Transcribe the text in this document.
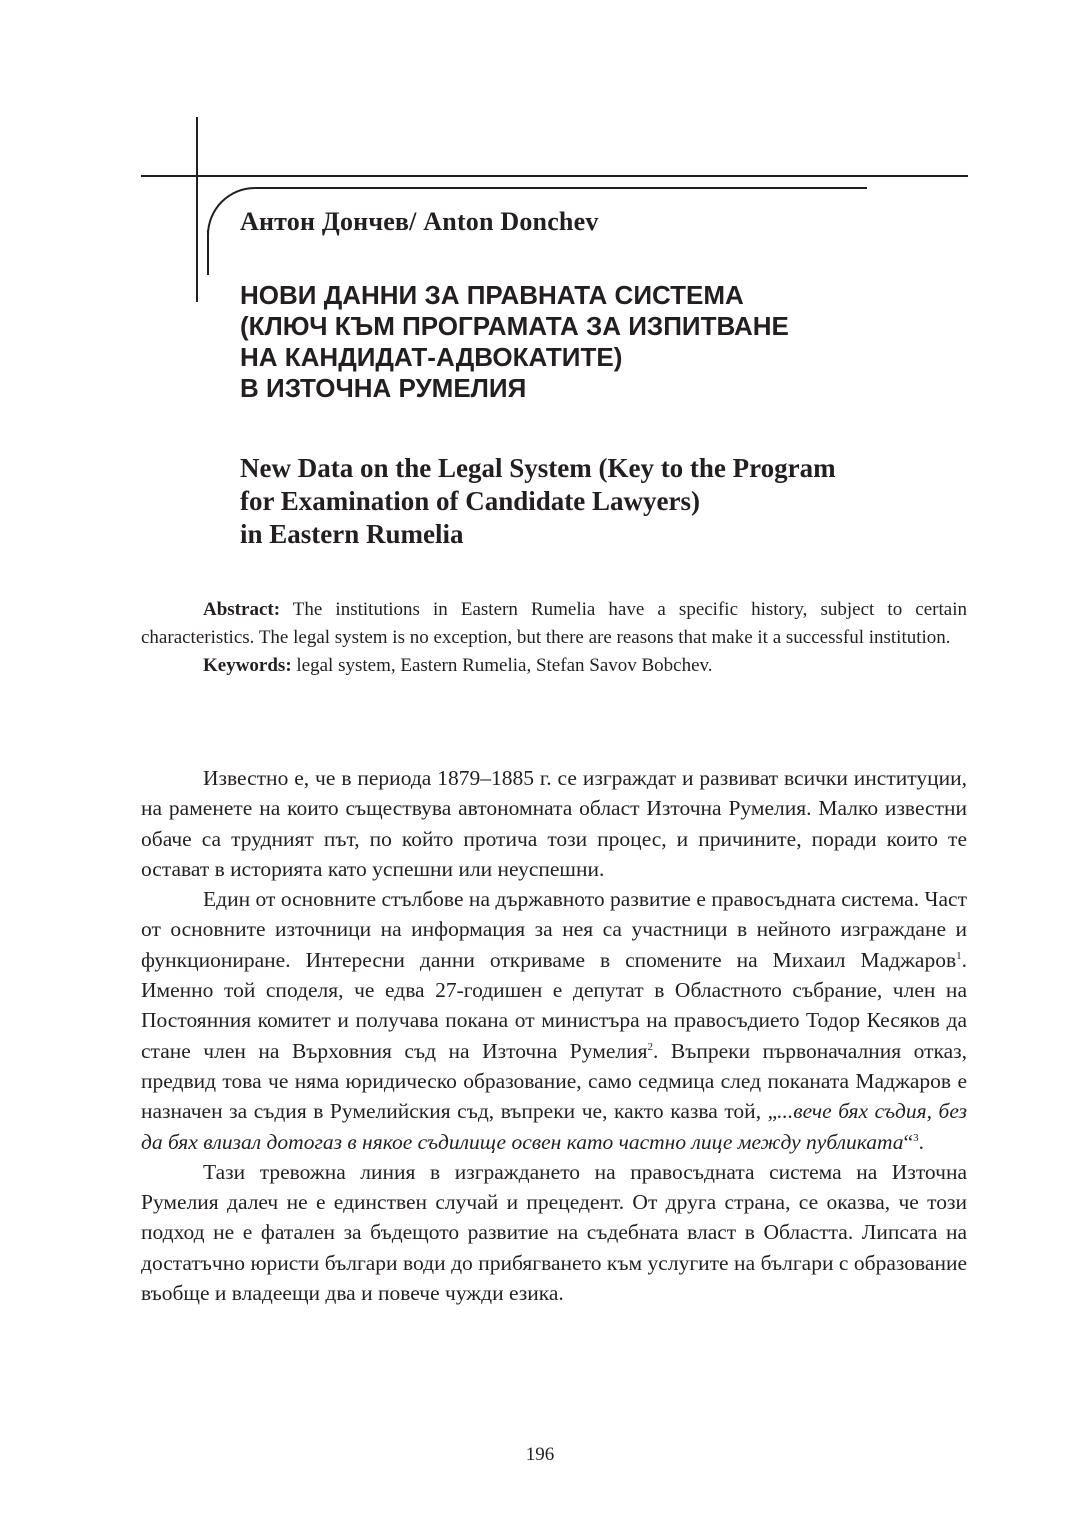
Антон Дончев/ Anton Donchev
НОВИ ДАННИ ЗА ПРАВНАТА СИСТЕМА
(КЛЮЧ КЪМ ПРОГРАМАТА ЗА ИЗПИТВАНЕ
НА КАНДИДАТ-АДВОКАТИТЕ)
В ИЗТОЧНА РУМЕЛИЯ
New Data on the Legal System (Key to the Program
for Examination of Candidate Lawyers)
in Eastern Rumelia

Abstract: The institutions in Eastern Rumelia have a specific history, subject to certain characteristics. The legal system is no exception, but there are reasons that make it a successful institution.

Keywords: legal system, Eastern Rumelia, Stefan Savov Bobchev.

Известно е, че в периода 1879–1885 г. се изграждат и развиват всички институции, на раменете на които съществува автономната област Източна Румелия. Малко известни обаче са трудният път, по който протича този процес, и причините, поради които те остават в историята като успешни или неуспешни.

Един от основните стълбове на държавното развитие е правосъдната система. Част от основните източници на информация за нея са участници в нейното изграждане и функциониране. Интересни данни откриваме в спомените на Михаил Маджаров$^1$. Именно той споделя, че едва 27-годишен е депутат в Областното събрание, член на Постоянния комитет и получава покана от министъра на правосъдието Тодор Кесяков да стане член на Върховния съд на Източна Румелия$^2$. Въпреки първоначалния отказ, предвид това че няма юридическо образование, само седмица след поканата Маджаров е назначен за съдия в Румелийския съд, въпреки че, както казва той, „...вече бях съдия, без да бях влизал дотогаз в някое съдилище освен като частно лице между публиката“$^3$.

Тази тревожна линия в изграждането на правосъдната система на Източна Румелия далеч не е единствен случай и прецедент. От друга страна, се оказва, че този подход не е фатален за бъдещото развитие на съдебната власт в Областта. Липсата на достатъчно юристи българи води до прибягването към услугите на българи с образование въобще и владеещи два и повече чужди езика.

196
